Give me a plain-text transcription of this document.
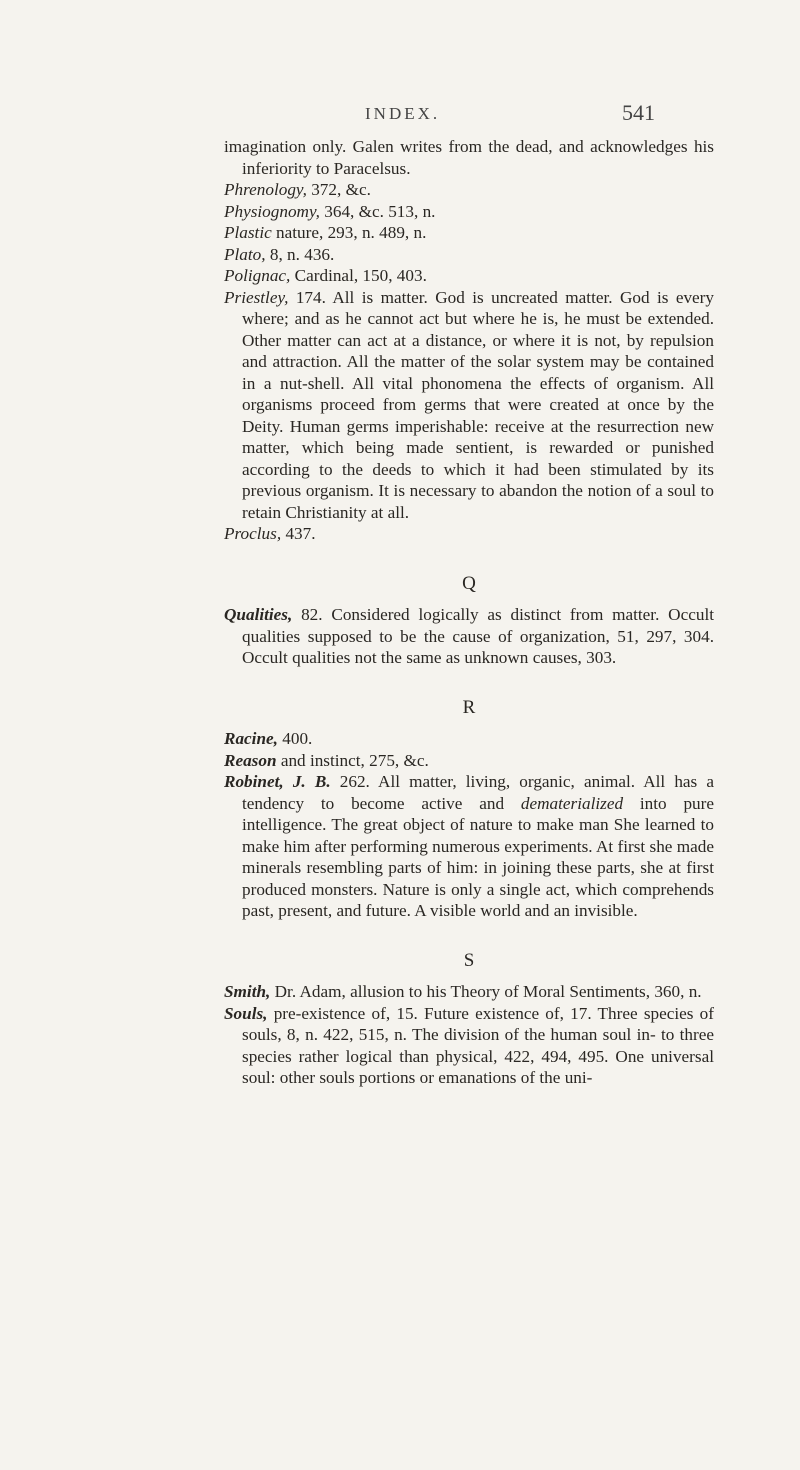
INDEX.	541

imagination only. Galen writes from the dead, and acknowledges his inferiority to Paracelsus.

Phrenology, 372, &c.

Physiognomy, 364, &c. 513, n.

Plastic nature, 293, n. 489, n.

Plato, 8, n. 436.

Polignac, Cardinal, 150, 403.

Priestley, 174. All is matter. God is uncreated matter. God is every where; and as he cannot act but where he is, he must be extended. Other matter can act at a distance, or where it is not, by repulsion and attraction. All the matter of the solar system may be contained in a nut-shell. All vital phonomena the effects of organism. All organisms proceed from germs that were created at once by the Deity. Human germs imperishable: receive at the resurrection new matter, which being made sentient, is rewarded or punished according to the deeds to which it had been stimulated by its previous organism. It is necessary to abandon the notion of a soul to retain Christianity at all.

Proclus, 437.

Q

Qualities, 82. Considered logically as distinct from matter. Occult qualities supposed to be the cause of organization, 51, 297, 304. Occult qualities not the same as unknown causes, 303.

R

Racine, 400.

Reason and instinct, 275, &c.

Robinet, J. B. 262. All matter, living, organic, animal. All has a tendency to become active and dematerialized into pure intelligence. The great object of nature to make man She learned to make him after performing numerous experiments. At first she made minerals resembling parts of him: in joining these parts, she at first produced monsters. Nature is only a single act, which comprehends past, present, and future. A visible world and an invisible.

S

Smith, Dr. Adam, allusion to his Theory of Moral Sentiments, 360, n.

Souls, pre-existence of, 15. Future existence of, 17. Three species of souls, 8, n. 422, 515, n. The division of the human soul in- to three species rather logical than physical, 422, 494, 495. One universal soul: other souls portions or emanations of the uni-
